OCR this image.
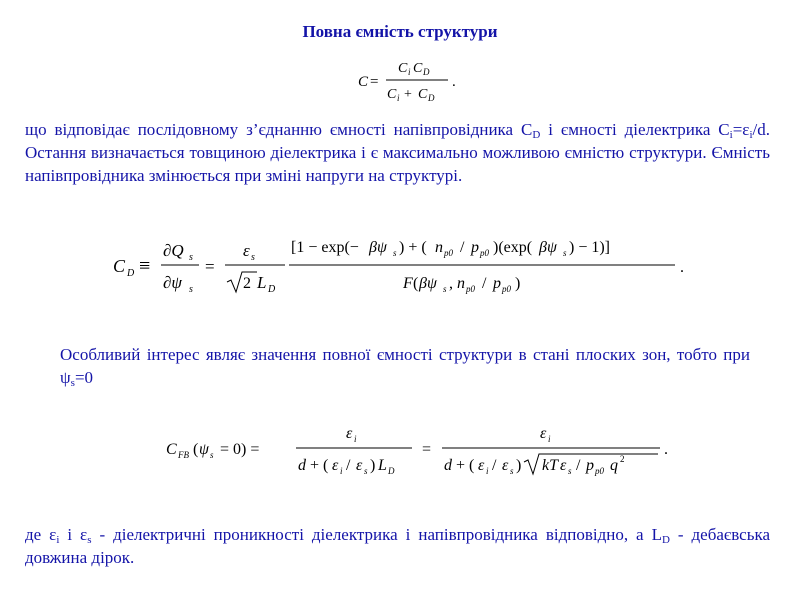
Повна ємність структури
C =
C i C D
C i + C D
.
що відповідає послідовному з’єднанню ємності напівпровідника $C_D$ і ємності діелектрика $C_i=\varepsilon_i/d$. Остання визначається товщиною діелектрика і є максимально можливою ємністю структури. Ємність напівпровідника змінюється при зміні напруги на структурі.
C D ≡
∂Q s
∂ψ s
=
ε s
2 L D
[1 − exp(− βψ s ) + ( n p0 / p p0 )(exp( βψ s ) − 1)]
F ( βψ s , n p0 / p p0 )
.
Особливий інтерес являє значення повної ємності структури в стані плоских зон, тобто при $\psi_s=0$
C FB ( ψ s = 0) =
ε i
d + ( ε i / ε s ) L D
=
ε i
d + ( ε i / ε s ) kT ε s / p p0 q 2
.
де $\varepsilon_i$ і $\varepsilon_s$ - діелектричні проникності діелектрика і напівпровідника відповідно, а $L_D$ - дебаєвська довжина дірок.
